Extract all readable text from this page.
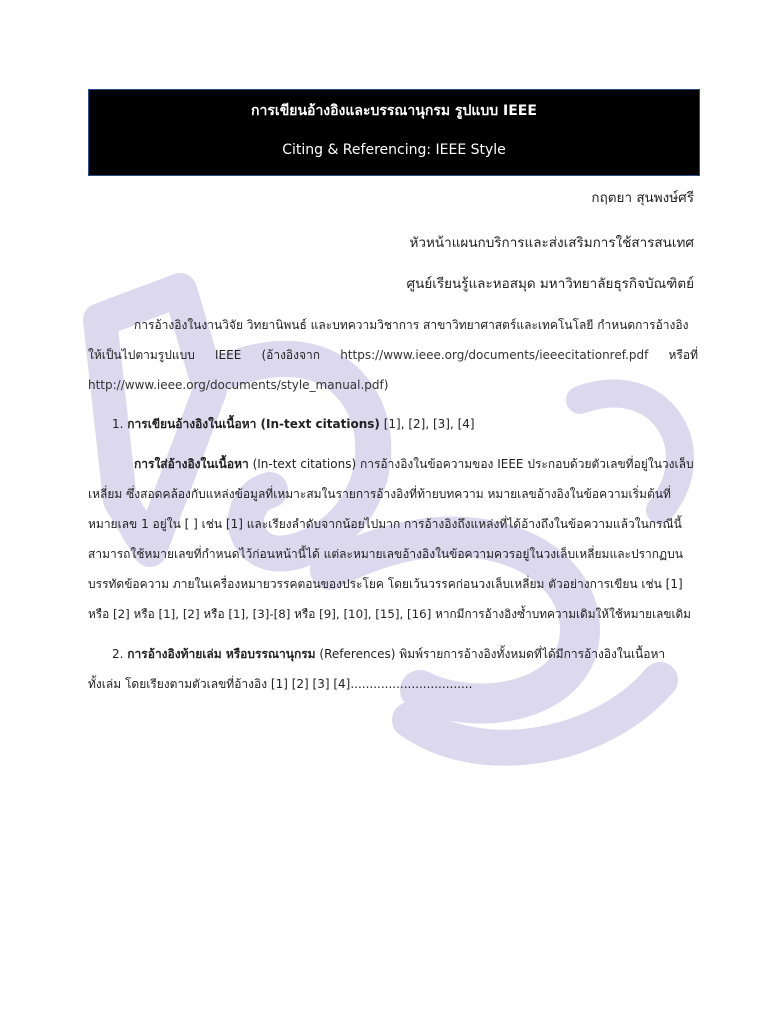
การเขียนอ้างอิงและบรรณานุกรม รูปแบบ IEEE
Citing & Referencing: IEEE Style
กฤตยา สุนพงษ์ศรี
หัวหน้าแผนกบริการและส่งเสริมการใช้สารสนเทศ
ศูนย์เรียนรู้และหอสมุด มหาวิทยาลัยธุรกิจบัณฑิตย์
การอ้างอิงในงานวิจัย วิทยานิพนธ์ และบทความวิชาการ สาขาวิทยาศาสตร์และเทคโนโลยี กำหนดการอ้างอิง
ให้เป็นไปตามรูปแบบ IEEE (อ้างอิงจาก https://www.ieee.org/documents/ieeecitationref.pdf หรือที่
http://www.ieee.org/documents/style_manual.pdf)
1. การเขียนอ้างอิงในเนื้อหา (In-text citations) [1], [2], [3], [4]
การใส่อ้างอิงในเนื้อหา (In-text citations) การอ้างอิงในข้อความของ IEEE ประกอบด้วยตัวเลขที่อยู่ในวงเล็บ
เหลี่ยม ซึ่งสอดคล้องกับแหล่งข้อมูลที่เหมาะสมในรายการอ้างอิงที่ท้ายบทความ หมายเลขอ้างอิงในข้อความเริ่มต้นที่
หมายเลข 1 อยู่ใน [ ] เช่น [1] และเรียงลำดับจากน้อยไปมาก การอ้างอิงถึงแหล่งที่ได้อ้างถึงในข้อความแล้วในกรณีนี้
สามารถใช้หมายเลขที่กำหนดไว้ก่อนหน้านี้ได้ แต่ละหมายเลขอ้างอิงในข้อความควรอยู่ในวงเล็บเหลี่ยมและปรากฏบน
บรรทัดข้อความ ภายในเครื่องหมายวรรคตอนของประโยค โดยเว้นวรรคก่อนวงเล็บเหลี่ยม ตัวอย่างการเขียน เช่น [1]
หรือ [2] หรือ [1], [2] หรือ [1], [3]-[8] หรือ [9], [10], [15], [16] หากมีการอ้างอิงซ้ำบทความเดิมให้ใช้หมายเลขเดิม
2. การอ้างอิงท้ายเล่ม หรือบรรณานุกรม (References) พิมพ์รายการอ้างอิงทั้งหมดที่ได้มีการอ้างอิงในเนื้อหา
ทั้งเล่ม โดยเรียงตามตัวเลขที่อ้างอิง [1] [2] [3] [4]................................
